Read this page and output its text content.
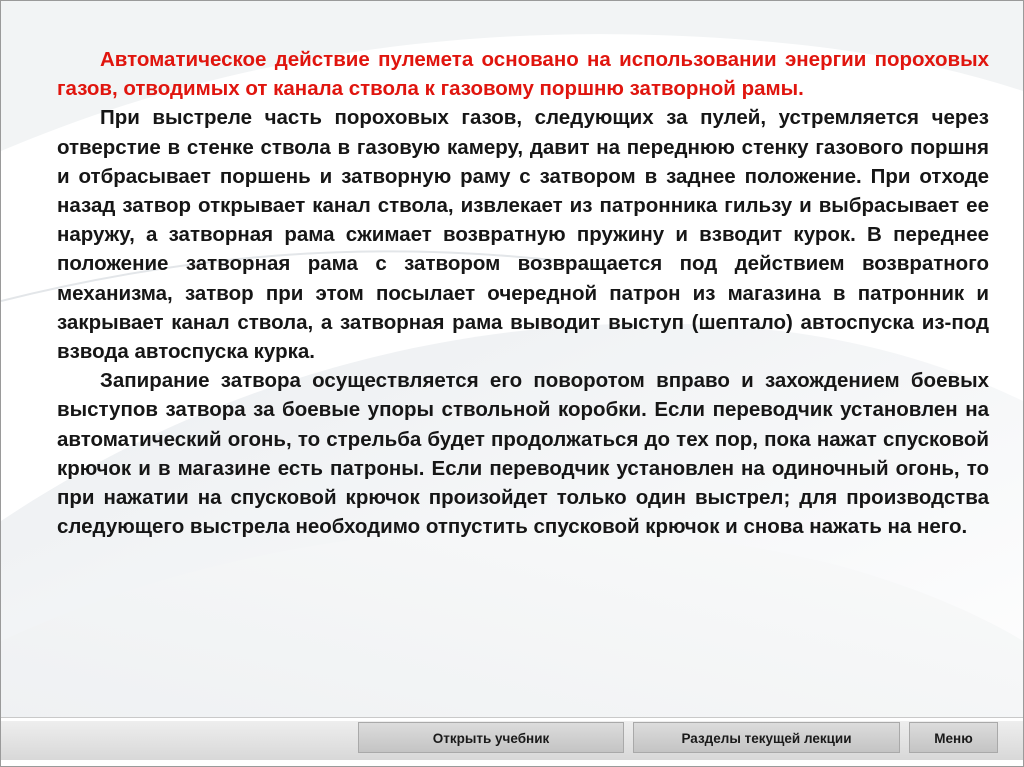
Автоматическое действие пулемета основано на использовании энергии пороховых газов, отводимых от канала ствола к газовому поршню затворной рамы.

При выстреле часть пороховых газов, следующих за пулей, устремляется через отверстие в стенке ствола в газовую камеру, давит на переднюю стенку газового поршня и отбрасывает поршень и затворную раму с затвором в заднее положение. При отходе назад затвор открывает канал ствола, извлекает из патронника гильзу и выбрасывает ее наружу, а затворная рама сжимает возвратную пружину и взводит курок. В переднее положение затворная рама с затвором возвращается под действием возвратного механизма, затвор при этом посылает очередной патрон из магазина в патронник и закрывает канал ствола, а затворная рама выводит выступ (шептало) автоспуска из-под взвода автоспуска курка.

Запирание затвора осуществляется его поворотом вправо и захождением боевых выступов затвора за боевые упоры ствольной коробки. Если переводчик установлен на автоматический огонь, то стрельба будет продолжаться до тех пор, пока нажат спусковой крючок и в магазине есть патроны. Если переводчик установлен на одиночный огонь, то при нажатии на спусковой крючок произойдет только один выстрел; для производства следующего выстрела необходимо отпустить спусковой крючок и снова нажать на него.

Открыть учебник	Разделы текущей лекции	Меню
